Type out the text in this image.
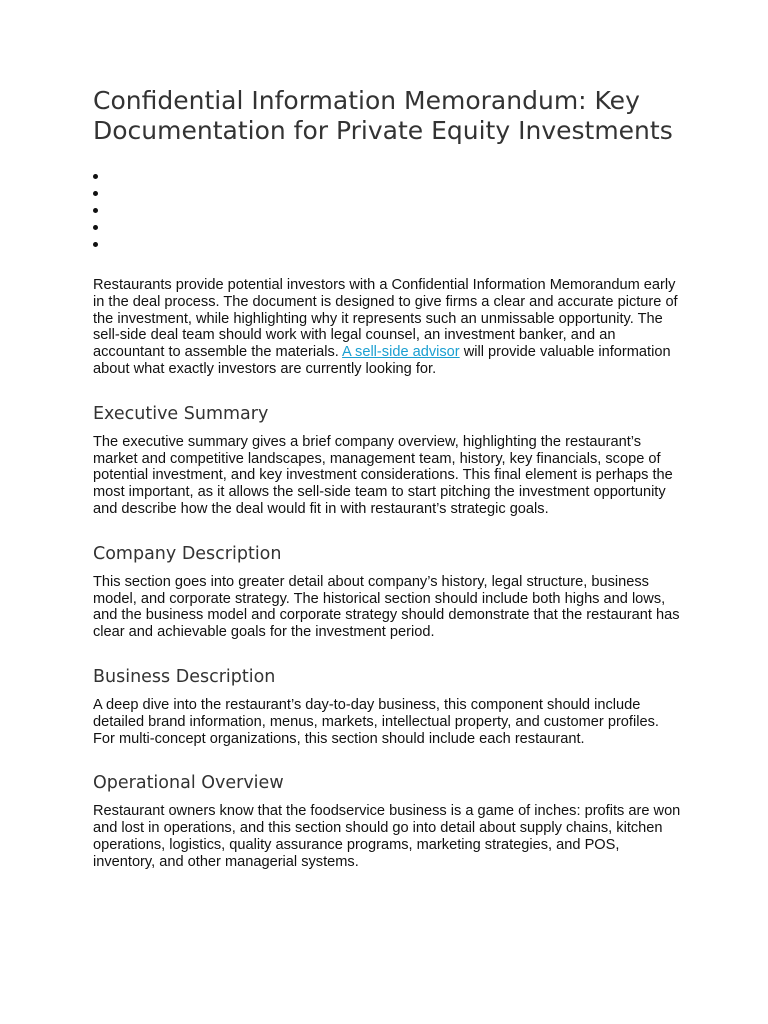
Confidential Information Memorandum: Key Documentation for Private Equity Investments

Restaurants provide potential investors with a Confidential Information Memorandum early in the deal process. The document is designed to give firms a clear and accurate picture of the investment, while highlighting why it represents such an unmissable opportunity. The sell-side deal team should work with legal counsel, an investment banker, and an accountant to assemble the materials. A sell-side advisor will provide valuable information about what exactly investors are currently looking for.

Executive Summary

The executive summary gives a brief company overview, highlighting the restaurant’s market and competitive landscapes, management team, history, key financials, scope of potential investment, and key investment considerations. This final element is perhaps the most important, as it allows the sell-side team to start pitching the investment opportunity and describe how the deal would fit in with restaurant’s strategic goals.

Company Description

This section goes into greater detail about company’s history, legal structure, business model, and corporate strategy. The historical section should include both highs and lows, and the business model and corporate strategy should demonstrate that the restaurant has clear and achievable goals for the investment period.

Business Description

A deep dive into the restaurant’s day-to-day business, this component should include detailed brand information, menus, markets, intellectual property, and customer profiles. For multi-concept organizations, this section should include each restaurant.

Operational Overview

Restaurant owners know that the foodservice business is a game of inches: profits are won and lost in operations, and this section should go into detail about supply chains, kitchen operations, logistics, quality assurance programs, marketing strategies, and POS, inventory, and other managerial systems.
